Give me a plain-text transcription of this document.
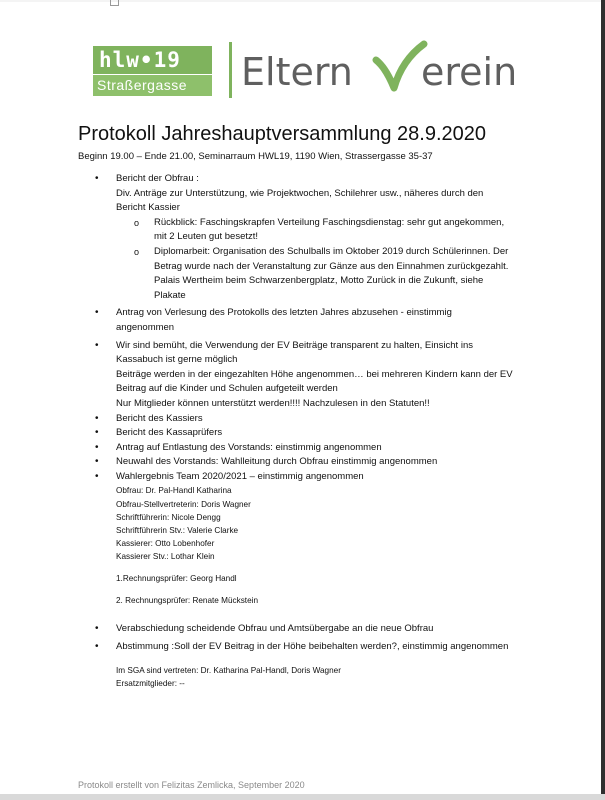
hlw•19
Straßergasse Eltern erein
Protokoll Jahreshauptversammlung 28.9.2020
Beginn 19.00 – Ende 21.00, Seminarraum HWL19, 1190 Wien, Strassergasse 35-37
• Bericht der Obfrau :
Div. Anträge zur Unterstützung, wie Projektwochen, Schilehrer usw., näheres durch den
Bericht Kassier
o Rückblick: Faschingskrapfen Verteilung Faschingsdienstag: sehr gut angekommen,
mit 2 Leuten gut besetzt!
o Diplomarbeit: Organisation des Schulballs im Oktober 2019 durch Schülerinnen. Der
Betrag wurde nach der Veranstaltung zur Gänze aus den Einnahmen zurückgezahlt.
Palais Wertheim beim Schwarzenbergplatz, Motto Zurück in die Zukunft, siehe
Plakate
• Antrag von Verlesung des Protokolls des letzten Jahres abzusehen - einstimmig
angenommen
• Wir sind bemüht, die Verwendung der EV Beiträge transparent zu halten, Einsicht ins
Kassabuch ist gerne möglich
Beiträge werden in der eingezahlten Höhe angenommen… bei mehreren Kindern kann der EV
Beitrag auf die Kinder und Schulen aufgeteilt werden
Nur Mitglieder können unterstützt werden!!!! Nachzulesen in den Statuten!!
• Bericht des Kassiers
• Bericht des Kassaprüfers
• Antrag auf Entlastung des Vorstands: einstimmig angenommen
• Neuwahl des Vorstands: Wahlleitung durch Obfrau einstimmig angenommen
• Wahlergebnis Team 2020/2021 – einstimmig angenommen
Obfrau: Dr. Pal-Handl Katharina
Obfrau-Stellvertreterin: Doris Wagner
Schriftführerin: Nicole Dengg
Schriftführerin Stv.: Valerie Clarke
Kassierer: Otto Lobenhofer
Kassierer Stv.: Lothar Klein
1.Rechnungsprüfer: Georg Handl
2. Rechnungsprüfer: Renate Mückstein
• Verabschiedung scheidende Obfrau und Amtsübergabe an die neue Obfrau
• Abstimmung :Soll der EV Beitrag in der Höhe beibehalten werden?, einstimmig angenommen
Im SGA sind vertreten: Dr. Katharina Pal-Handl, Doris Wagner
Ersatzmitglieder: --
Protokoll erstellt von Felizitas Zemlicka, September 2020
